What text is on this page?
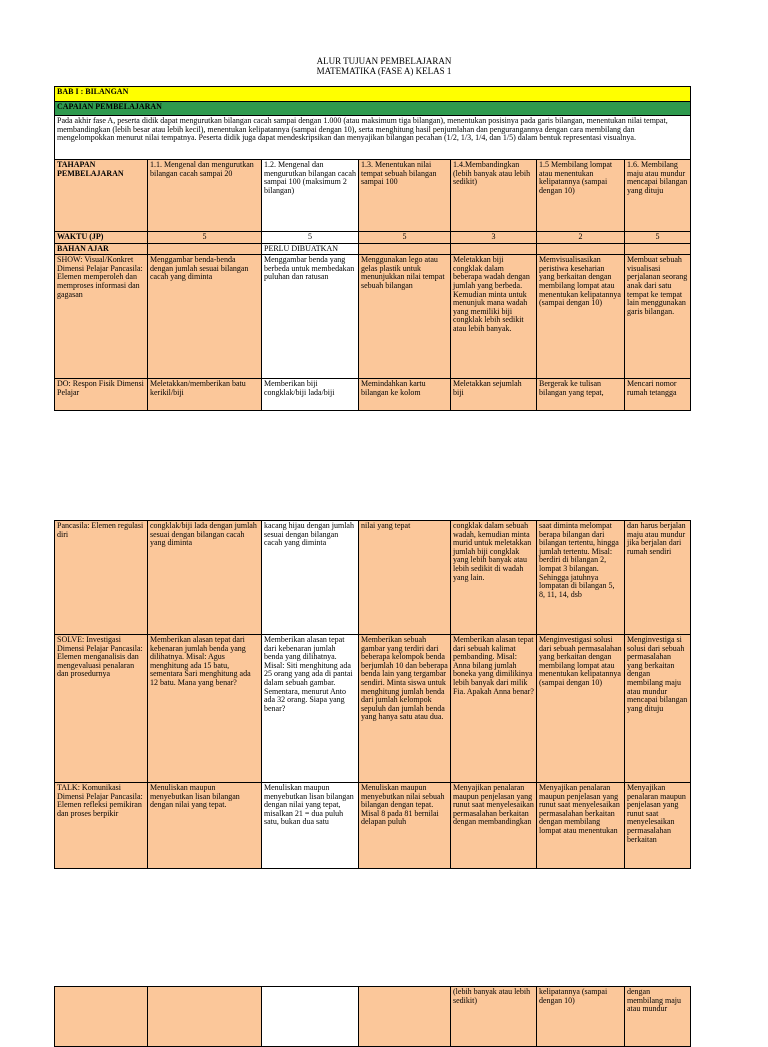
ALUR TUJUAN PEMBELAJARAN
MATEMATIKA (FASE A) KELAS 1
BAB I : BILANGAN						
CAPAIAN PEMBELAJARAN						
Pada akhir fase A, peserta didik dapat mengurutkan bilangan cacah sampai dengan 1.000 (atau maksimum tiga bilangan), menentukan posisinya pada garis bilangan, menentukan nilai tempat, membandingkan (lebih besar atau lebih kecil), menentukan kelipatannya (sampai dengan 10), serta menghitung hasil penjumlahan dan pengurangannya dengan cara membilang dan mengelompokkan menurut nilai tempatnya. Peserta didik juga dapat mendeskripsikan dan menyajikan bilangan pecahan (1/2, 1/3, 1/4, dan 1/5) dalam bentuk representasi visualnya.						
TAHAPAN PEMBELAJARAN	1.1. Mengenal dan mengurutkan bilangan cacah sampai 20	1.2. Mengenal dan mengurutkan bilangan cacah sampai 100 (maksimum 2 bilangan)	1.3. Menentukan nilai tempat sebuah bilangan sampai 100	1.4.Membandingkan (lebih banyak atau lebih sedikit)	1.5 Membilang lompat atau menentukan kelipatannya (sampai dengan 10)	1.6. Membilang maju atau mundur mencapai bilangan yang dituju
WAKTU (JP)	5	5	5	3	2	5
BAHAN AJAR		PERLU DIBUATKAN				
SHOW: Visual/Konkret Dimensi Pelajar Pancasila: Elemen memperoleh dan memproses informasi dan gagasan	Menggambar benda-benda dengan jumlah sesuai bilangan cacah yang diminta	Menggambar benda yang berbeda untuk membedakan puluhan dan ratusan	Menggunakan lego atau gelas plastik untuk menunjukkan nilai tempat sebuah bilangan	Meletakkan biji congklak dalam beberapa wadah dengan jumlah yang berbeda. Kemudian minta untuk menunjuk mana wadah yang memiliki biji congklak lebih sedikit atau lebih banyak.	Memvisualisasikan peristiwa keseharian yang berkaitan dengan membilang lompat atau menentukan kelipatannya (sampai dengan 10)	Membuat sebuah visualisasi perjalanan seorang anak dari satu tempat ke tempat lain menggunakan garis bilangan.
DO: Respon Fisik Dimensi Pelajar	Meletakkan/memberikan batu kerikil/biji	Memberikan biji congklak/biji lada/biji	Memindahkan kartu bilangan ke kolom	Meletakkan sejumlah biji	Bergerak ke tulisan bilangan yang tepat,	Mencari nomor rumah tetangga
Pancasila: Elemen regulasi diri	congklak/biji lada dengan jumlah sesuai dengan bilangan cacah yang diminta	kacang hijau dengan jumlah sesuai dengan bilangan cacah yang diminta	nilai yang tepat	congklak dalam sebuah wadah, kemudian minta murid untuk meletakkan jumlah biji congklak yang lebih banyak atau lebih sedikit di wadah yang lain.	saat diminta melompat berapa bilangan dari bilangan tertentu, hingga jumlah tertentu. Misal: berdiri di bilangan 2, lompat 3 bilangan. Sehingga jatuhnya lompatan di bilangan 5, 8, 11, 14, dsb	dan harus berjalan maju atau mundur jika berjalan dari rumah sendiri
SOLVE: Investigasi Dimensi Pelajar Pancasila: Elemen menganalisis dan mengevaluasi penalaran dan prosedurnya	Memberikan alasan tepat dari kebenaran jumlah benda yang dilihatnya. Misal: Agus menghitung ada 15 batu, sementara Sari menghitung ada 12 batu. Mana yang benar?	Memberikan alasan tepat dari kebenaran jumlah benda yang dilihatnya. Misal: Siti menghitung ada 25 orang yang ada di pantai dalam sebuah gambar. Sementara, menurut Anto ada 32 orang. Siapa yang benar?	Memberikan sebuah gambar yang terdiri dari beberapa kelompok benda berjumlah 10 dan beberapa benda lain yang tergambar sendiri. Minta siswa untuk menghitung jumlah benda dari jumlah kelompok sepuluh dan jumlah benda yang hanya satu atau dua.	Memberikan alasan tepat dari sebuah kalimat pembanding. Misal: Anna bilang jumlah boneka yang dimilikinya lebih banyak dari milik Fia. Apakah Anna benar?	Menginvestigasi solusi dari sebuah permasalahan yang berkaitan dengan membilang lompat atau menentukan kelipatannya (sampai dengan 10)	Menginvestiga si solusi dari sebuah permasalahan yang berkaitan dengan membilang maju atau mundur mencapai bilangan yang dituju
TALK: Komunikasi Dimensi Pelajar Pancasila: Elemen refleksi pemikiran dan proses berpikir	Menuliskan maupun menyebutkan lisan bilangan dengan nilai yang tepat.	Menuliskan maupun menyebutkan lisan bilangan dengan nilai yang tepat, misalkan 21 = dua puluh satu, bukan dua satu	Menuliskan maupun menyebutkan nilai sebuah bilangan dengan tepat. Misal 8 pada 81 bernilai delapan puluh	Menyajikan penalaran maupun penjelasan yang runut saat menyelesaikan permasalahan berkaitan dengan membandingkan	Menyajikan penalaran maupun penjelasan yang runut saat menyelesaikan permasalahan berkaitan dengan membilang lompat atau menentukan	Menyajikan penalaran maupun penjelasan yang runut saat menyelesaikan permasalahan berkaitan
				(lebih banyak atau lebih sedikit)	kelipatannya (sampai dengan 10)	dengan membilang maju atau mundur
